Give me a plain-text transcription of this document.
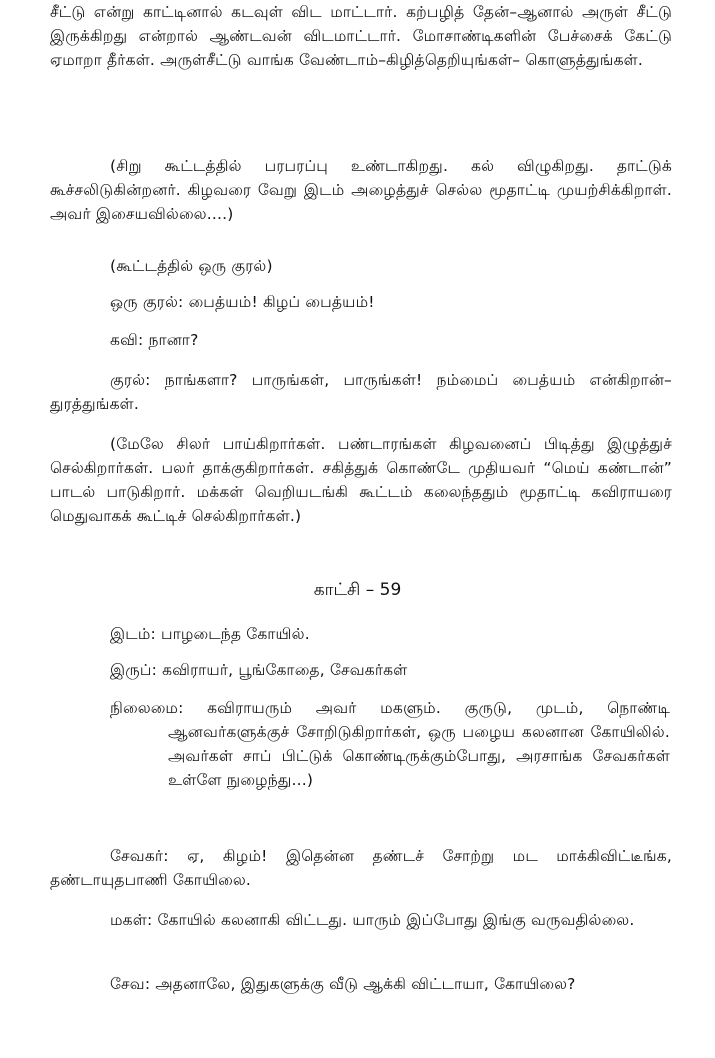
சீட்டு என்று காட்டினால் கடவுள் விட மாட்டார். கற்பழித் தேன்–ஆனால் அருள் சீட்டு இருக்கிறது என்றால் ஆண்டவன் விடமாட்டார். மோசாண்டிகளின் பேச்சைக் கேட்டு ஏமாறா தீர்கள். அருள்சீட்டு வாங்க வேண்டாம்–கிழித்தெறியுங்கள்– கொளுத்துங்கள்.

(சிறு கூட்டத்தில் பரபரப்பு உண்டாகிறது. கல் விழுகிறது. தாட்டுக் கூச்சலிடுகின்றனர். கிழவரை வேறு இடம் அழைத்துச் செல்ல மூதாட்டி முயற்சிக்கிறாள். அவர் இசையவில்லை....)

(கூட்டத்தில் ஒரு குரல்)

ஒரு குரல்: பைத்யம்! கிழப் பைத்யம்!

கவி: நானா?

குரல்: நாங்களா? பாருங்கள், பாருங்கள்! நம்மைப் பைத்யம் என்கிறான்–துரத்துங்கள்.

(மேலே சிலர் பாய்கிறார்கள். பண்டாரங்கள் கிழவனைப் பிடித்து இழுத்துச் செல்கிறார்கள். பலர் தாக்குகிறார்கள். சகித்துக் கொண்டே முதியவர் “மெய் கண்டான்” பாடல் பாடுகிறார். மக்கள் வெறியடங்கி கூட்டம் கலைந்ததும் மூதாட்டி கவிராயரை மெதுவாகக் கூட்டிச் செல்கிறார்கள்.)

காட்சி – 59

இடம்: பாழடைந்த கோயில்.

இருப்: கவிராயர், பூங்கோதை, சேவகர்கள்

நிலைமை: கவிராயரும் அவர் மகளும். குருடு, முடம், நொண்டி ஆனவர்களுக்குச் சோறிடுகிறார்கள், ஒரு பழைய கலனான கோயிலில். அவர்கள் சாப் பிட்டுக் கொண்டிருக்கும்போது, அரசாங்க சேவகர்கள் உள்ளே நுழைந்து...)

சேவகர்: ஏ, கிழம்! இதென்ன தண்டச் சோற்று மட மாக்கிவிட்டீங்க, தண்டாயுதபாணி கோயிலை.

மகள்: கோயில் கலனாகி விட்டது. யாரும் இப்போது இங்கு வருவதில்லை.

சேவ: அதனாலே, இதுகளுக்கு வீடு ஆக்கி விட்டாயா, கோயிலை?
